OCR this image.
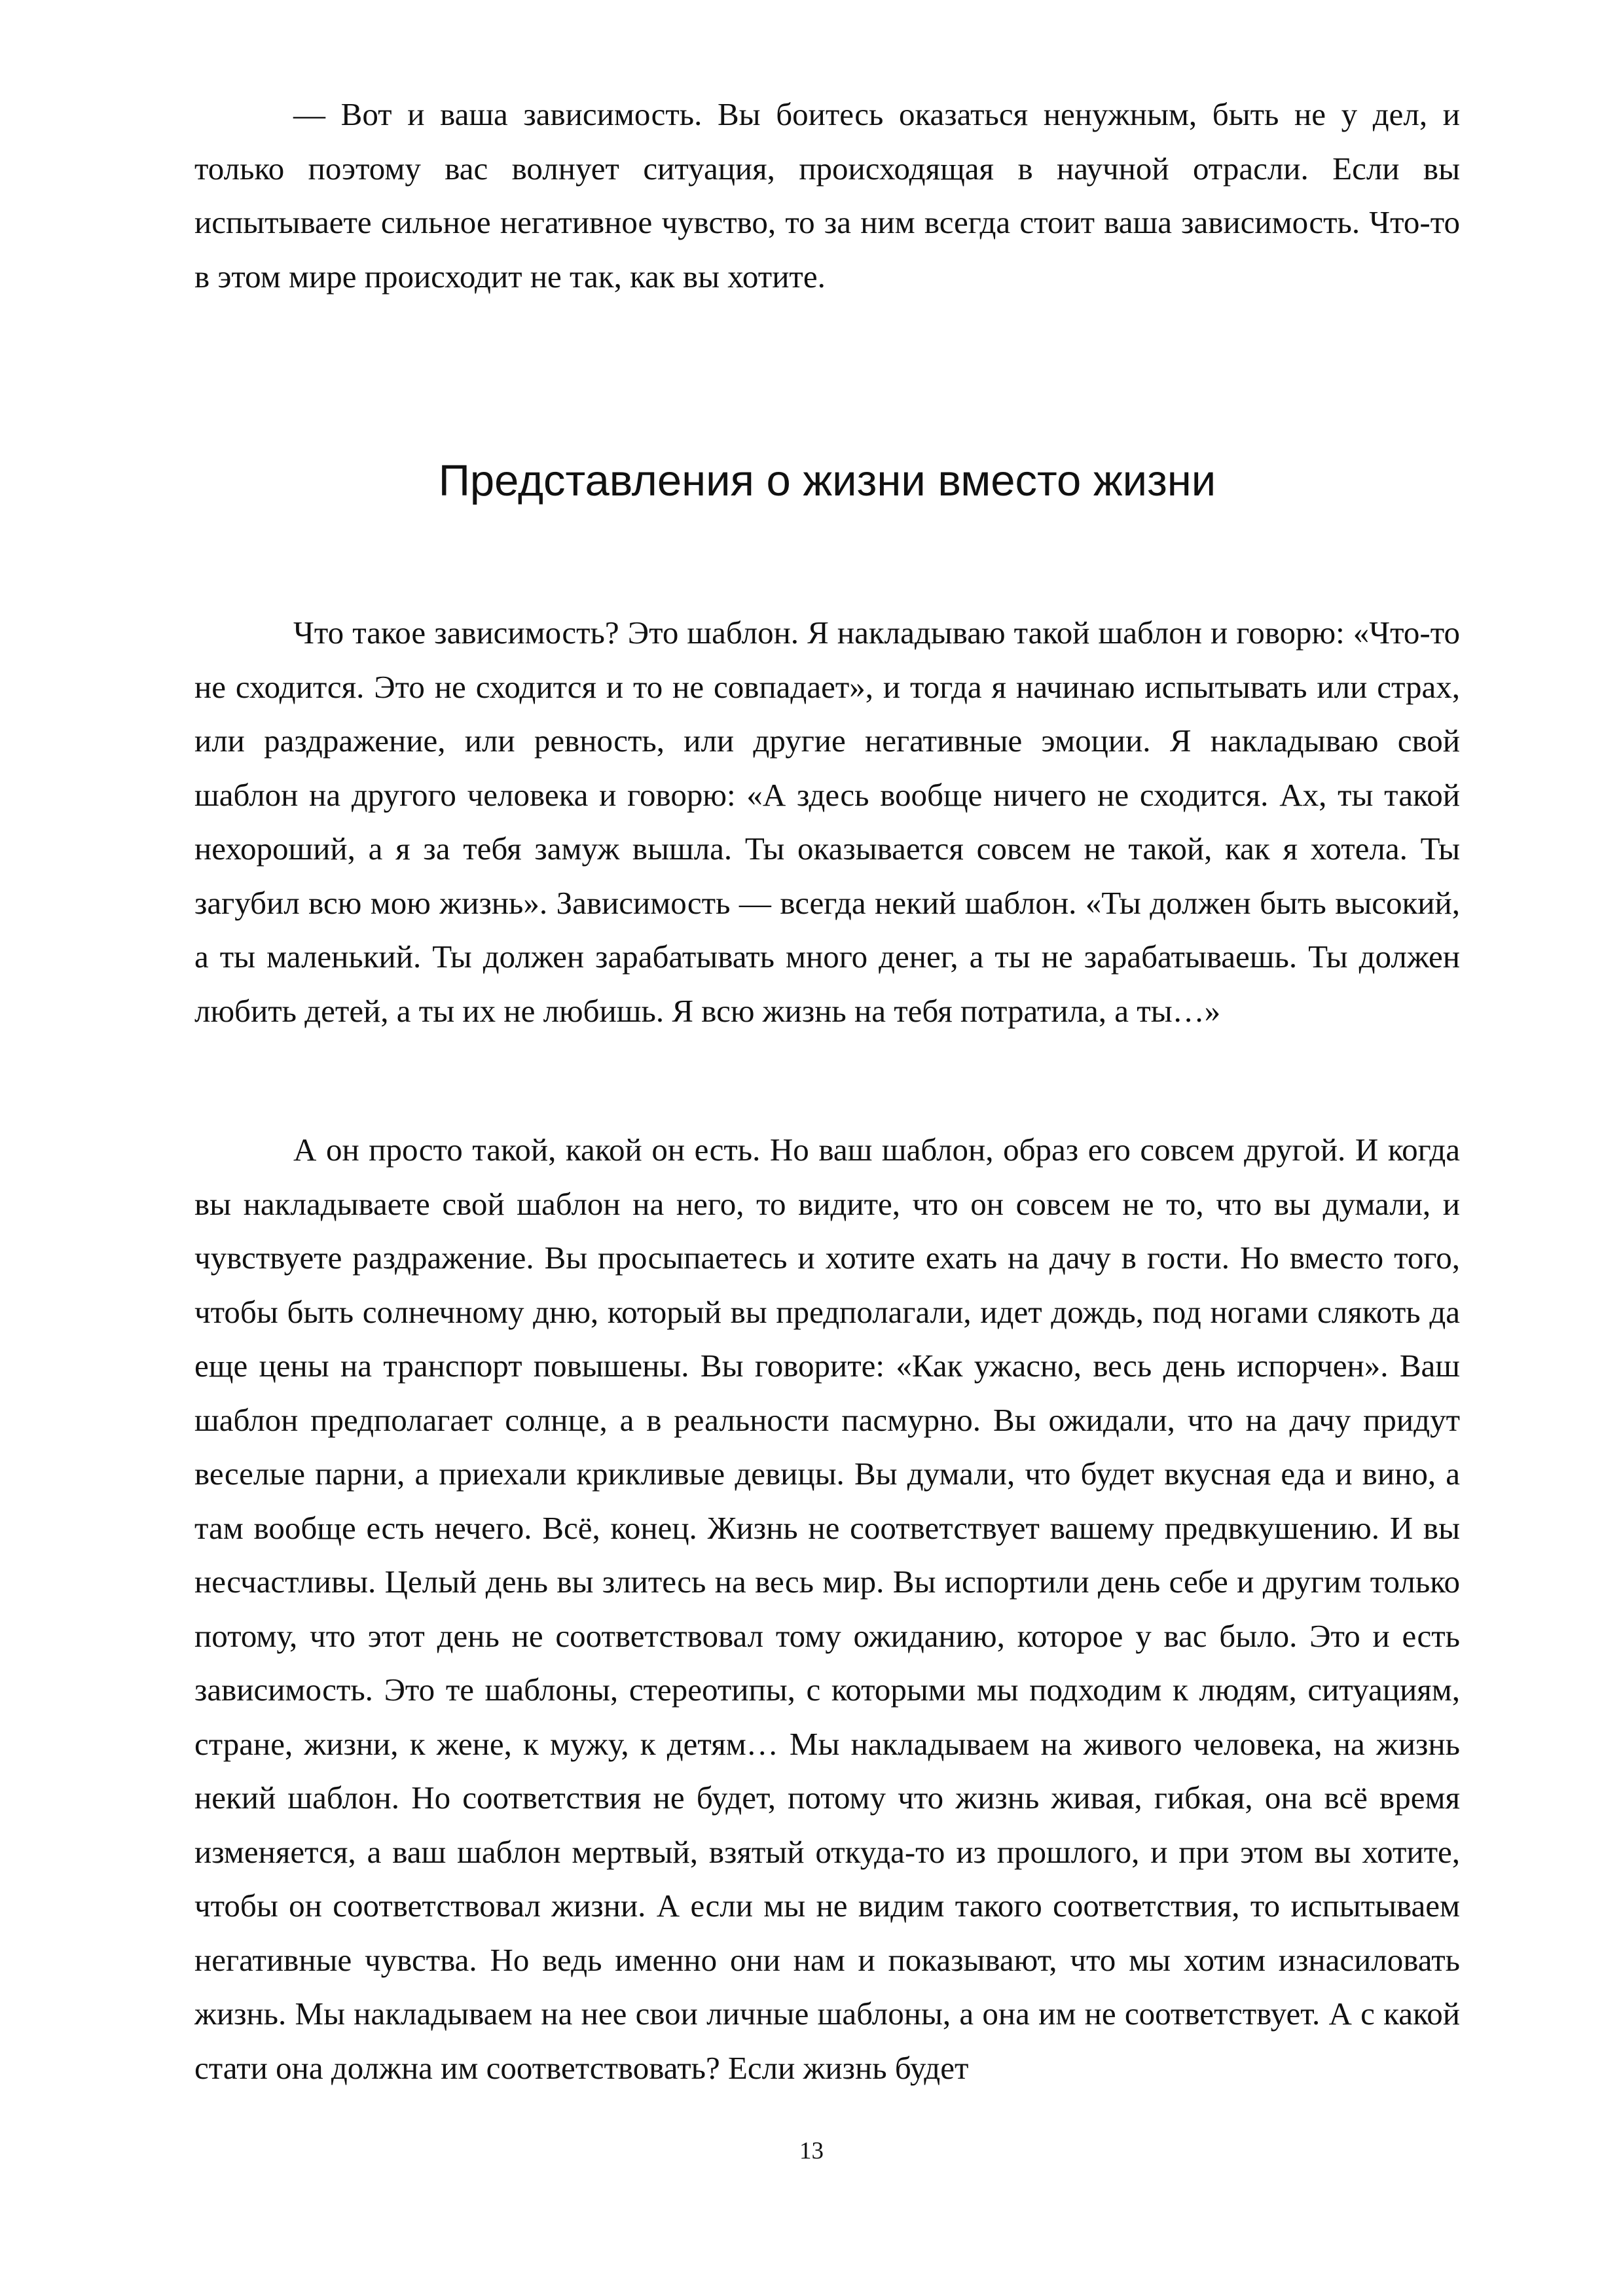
— Вот и ваша зависимость. Вы боитесь оказаться ненужным, быть не у дел, и только поэтому вас волнует ситуация, происходящая в научной отрасли. Если вы испытываете сильное негативное чувство, то за ним всегда стоит ваша зависимость. Что-то в этом мире происходит не так, как вы хотите.

Представления о жизни вместо жизни

Что такое зависимость? Это шаблон. Я накладываю такой шаблон и говорю: «Что-то не сходится. Это не сходится и то не совпадает», и тогда я начинаю испытывать или страх, или раздражение, или ревность, или другие негативные эмоции. Я накладываю свой шаблон на другого человека и говорю: «А здесь вообще ничего не сходится. Ах, ты такой нехороший, а я за тебя замуж вышла. Ты оказывается совсем не такой, как я хотела. Ты загубил всю мою жизнь». Зависимость — всегда некий шаблон. «Ты должен быть высокий, а ты маленький. Ты должен зарабатывать много денег, а ты не зарабатываешь. Ты должен любить детей, а ты их не любишь. Я всю жизнь на тебя потратила, а ты…»

А он просто такой, какой он есть. Но ваш шаблон, образ его совсем другой. И когда вы накладываете свой шаблон на него, то видите, что он совсем не то, что вы думали, и чувствуете раздражение. Вы просыпаетесь и хотите ехать на дачу в гости. Но вместо того, чтобы быть солнечному дню, который вы предполагали, идет дождь, под ногами слякоть да еще цены на транспорт повышены. Вы говорите: «Как ужасно, весь день испорчен». Ваш шаблон предполагает солнце, а в реальности пасмурно. Вы ожидали, что на дачу придут веселые парни, а приехали крикливые девицы. Вы думали, что будет вкусная еда и вино, а там вообще есть нечего. Всё, конец. Жизнь не соответствует вашему предвкушению. И вы несчастливы. Целый день вы злитесь на весь мир. Вы испортили день себе и другим только потому, что этот день не соответствовал тому ожиданию, которое у вас было. Это и есть зависимость. Это те шаблоны, стереотипы, с которыми мы подходим к людям, ситуациям, стране, жизни, к жене, к мужу, к детям… Мы накладываем на живого человека, на жизнь некий шаблон. Но соответствия не будет, потому что жизнь живая, гибкая, она всё время изменяется, а ваш шаблон мертвый, взятый откуда-то из прошлого, и при этом вы хотите, чтобы он соответствовал жизни. А если мы не видим такого соответствия, то испытываем негативные чувства. Но ведь именно они нам и показывают, что мы хотим изнасиловать жизнь. Мы накладываем на нее свои личные шаблоны, а она им не соответствует. А с какой стати она должна им соответствовать? Если жизнь будет

13
